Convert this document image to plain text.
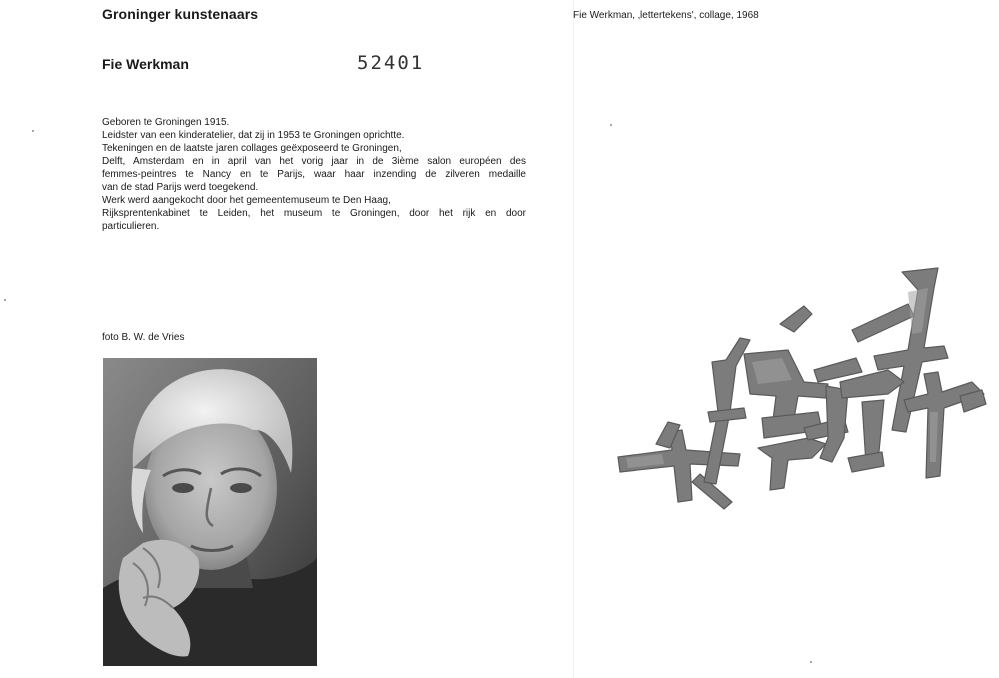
Groninger kunstenaars
Fie Werkman	52401
Geboren te Groningen 1915.
Leidster van een kinderatelier, dat zij in 1953 te Groningen oprichtte.
Tekeningen en de laatste jaren collages geëxposeerd te Groningen,
Delft, Amsterdam en in april van het vorig jaar in de 3ième salon européen des
femmes-peintres te Nancy en te Parijs, waar haar inzending de zilveren medaille
van de stad Parijs werd toegekend.
Werk werd aangekocht door het gemeentemuseum te Den Haag,
Rijksprentenkabinet te Leiden, het museum te Groningen, door het rijk en door
particulieren.
foto B. W. de Vries
Fie Werkman, ‚lettertekens', collage, 1968
